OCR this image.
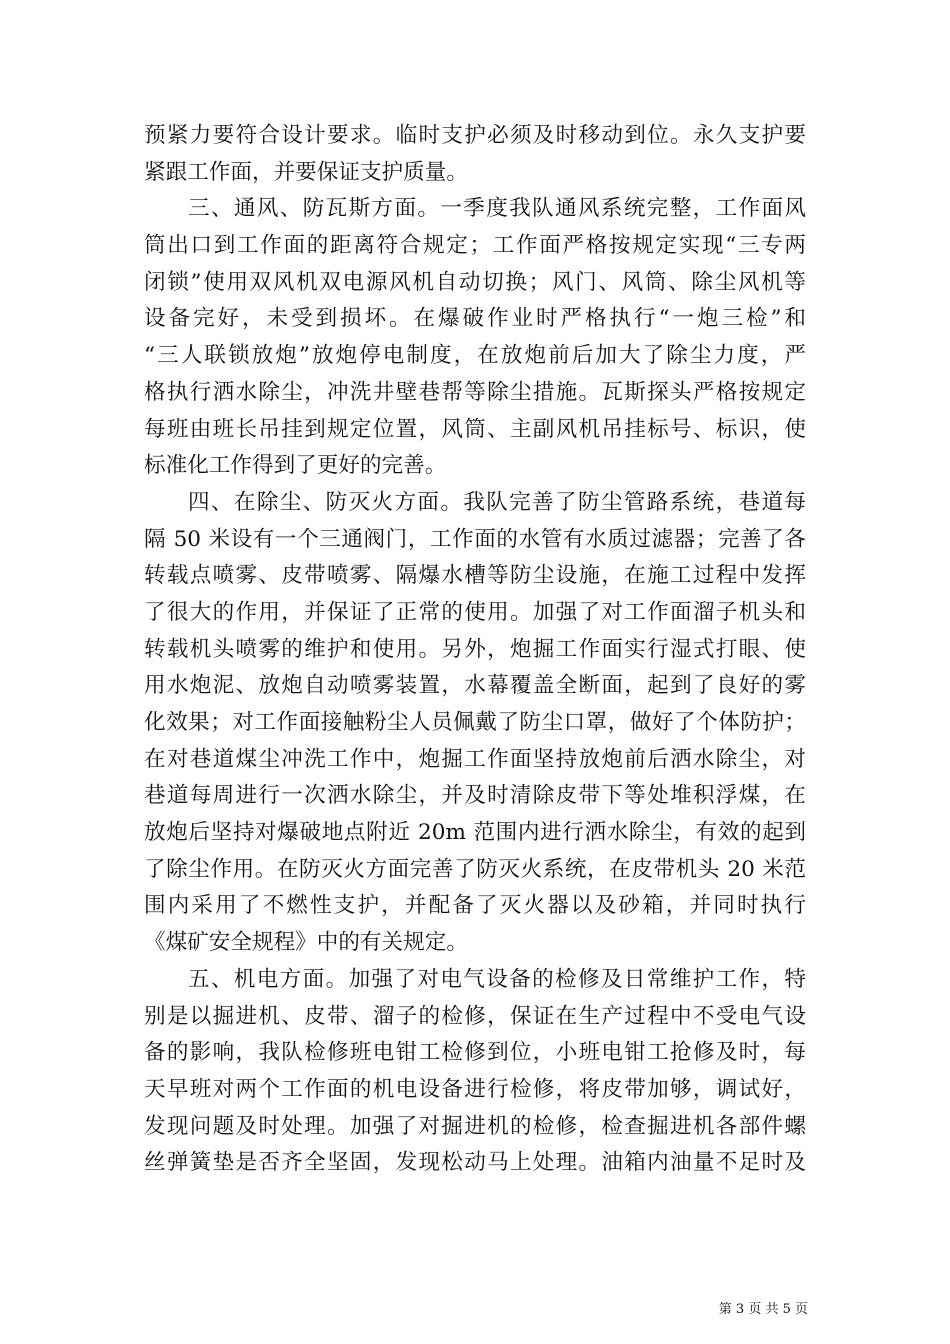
预紧力要符合设计要求。临时支护必须及时移动到位。永久支护要
紧跟工作面，并要保证支护质量。
三、通风、防瓦斯方面。一季度我队通风系统完整，工作面风
筒出口到工作面的距离符合规定；工作面严格按规定实现“三专两
闭锁”使用双风机双电源风机自动切换；风门、风筒、除尘风机等
设备完好，未受到损坏。在爆破作业时严格执行“一炮三检”和
“三人联锁放炮”放炮停电制度，在放炮前后加大了除尘力度，严
格执行洒水除尘，冲洗井壁巷帮等除尘措施。瓦斯探头严格按规定
每班由班长吊挂到规定位置，风筒、主副风机吊挂标号、标识，使
标准化工作得到了更好的完善。
四、在除尘、防灭火方面。我队完善了防尘管路系统，巷道每
隔 50 米设有一个三通阀门，工作面的水管有水质过滤器；完善了各
转载点喷雾、皮带喷雾、隔爆水槽等防尘设施，在施工过程中发挥
了很大的作用，并保证了正常的使用。加强了对工作面溜子机头和
转载机头喷雾的维护和使用。另外，炮掘工作面实行湿式打眼、使
用水炮泥、放炮自动喷雾装置，水幕覆盖全断面，起到了良好的雾
化效果；对工作面接触粉尘人员佩戴了防尘口罩，做好了个体防护；
在对巷道煤尘冲洗工作中，炮掘工作面坚持放炮前后洒水除尘，对
巷道每周进行一次洒水除尘，并及时清除皮带下等处堆积浮煤，在
放炮后坚持对爆破地点附近 20m 范围内进行洒水除尘，有效的起到
了除尘作用。在防灭火方面完善了防灭火系统，在皮带机头 20 米范
围内采用了不燃性支护，并配备了灭火器以及砂箱，并同时执行
《煤矿安全规程》中的有关规定。
五、机电方面。加强了对电气设备的检修及日常维护工作，特
别是以掘进机、皮带、溜子的检修，保证在生产过程中不受电气设
备的影响，我队检修班电钳工检修到位，小班电钳工抢修及时，每
天早班对两个工作面的机电设备进行检修，将皮带加够，调试好，
发现问题及时处理。加强了对掘进机的检修，检查掘进机各部件螺
丝弹簧垫是否齐全坚固，发现松动马上处理。油箱内油量不足时及
第 3 页 共 5 页
